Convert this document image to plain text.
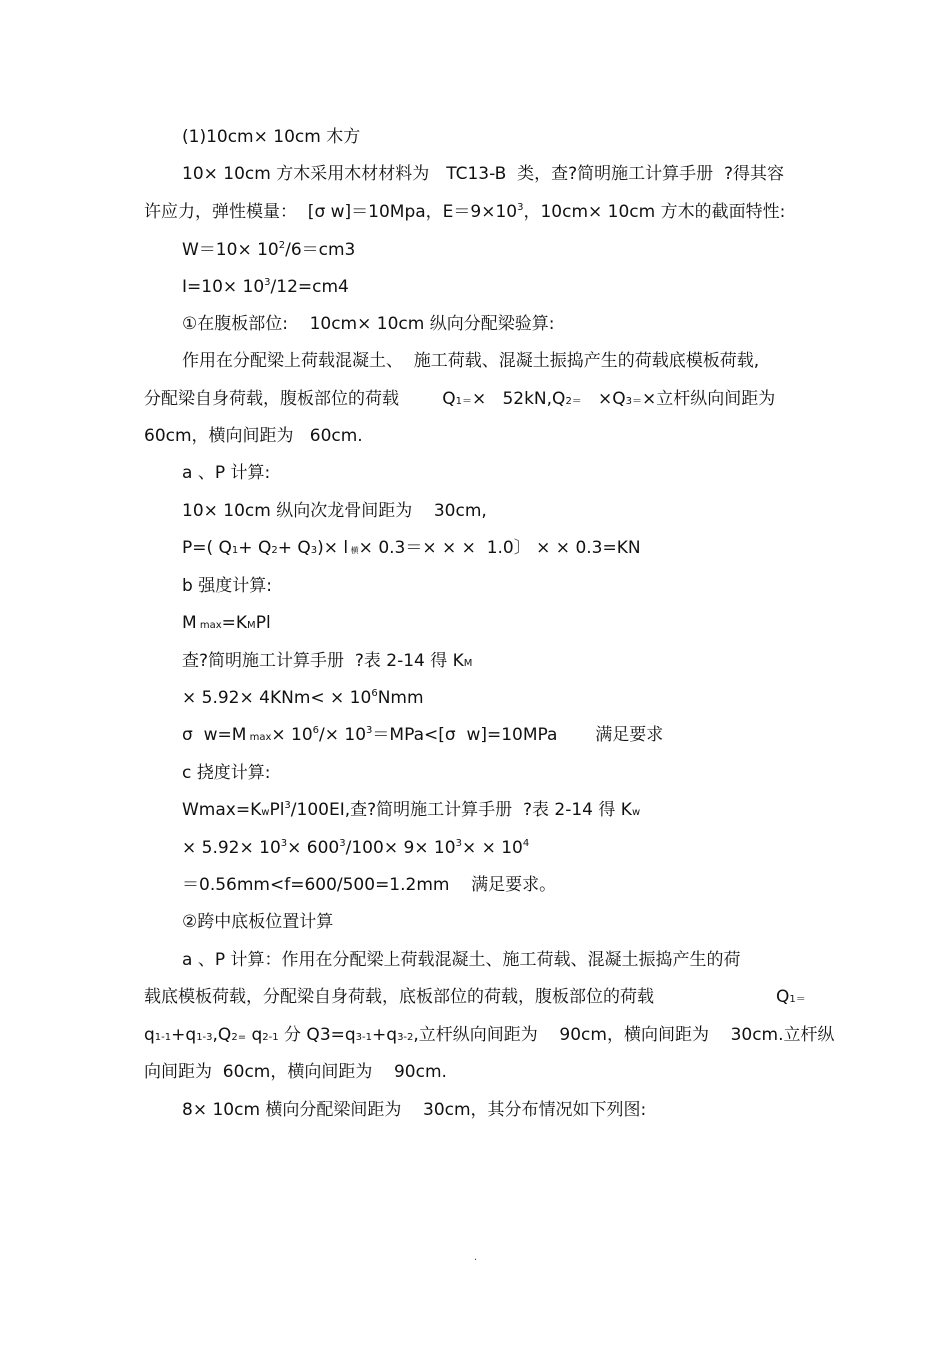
(1)10cm× 10cm 木方
10× 10cm 方木采用木材材料为　TC13-B  类，查?简明施工计算手册  ?得其容
许应力，弹性模量：  [σ w]＝10Mpa，$E=9\times 10^3$，10cm× 10cm 方木的截面特性:
$W=10\times 10^2/6=cm3$
$I=10\times 10^3/12=cm4$
①在腹板部位:    10cm× 10cm 纵向分配梁验算:
作用在分配梁上荷载混凝土、  施工荷载、混凝土振捣产生的荷载底模板荷载,
分配梁自身荷载，腹板部位的荷载        Q1＝×   52kN,Q2＝   ×Q3＝×立杆纵向间距为
60cm，横向间距为   60cm.
a 、P 计算:
10× 10cm 纵向次龙骨间距为    30cm,
P=( Q1+ Q2+ Q3)× l 横× 0.3＝× × ×  1.0〕 × × 0.3=KN
b 强度计算:
M max=KMPl
查?简明施工计算手册  ?表 2-14 得 KM
× $5.92\times 4KNm< \times 10^6Nmm$
σ  w=M $\max\times 10^6/\times 10^3=MPa<[\sigma$  w]=10MPa       满足要求
c 挠度计算:
Wmax=KwPl$^3$/100EI,查?简明施工计算手册  ?表 2-14 得 Kw
× $5.92\times 10^3\times 600^3/100\times 9\times 10^3\times \times 10^4$
＝0.56mm<f=600/500=1.2mm    满足要求。
②跨中底板位置计算
a 、P 计算：作用在分配梁上荷载混凝土、施工荷载、混凝土振捣产生的荷
载底模板荷载，分配梁自身荷载，底板部位的荷载，腹板部位的荷载	Q1＝
q1-1+q1-3,Q2= q2-1 分 Q3=q3-1+q3-2,立杆纵向间距为    90cm，横向间距为    30cm.立杆纵
向间距为  60cm，横向间距为    90cm.
8× 10cm 横向分配梁间距为    30cm，其分布情况如下列图:
.
